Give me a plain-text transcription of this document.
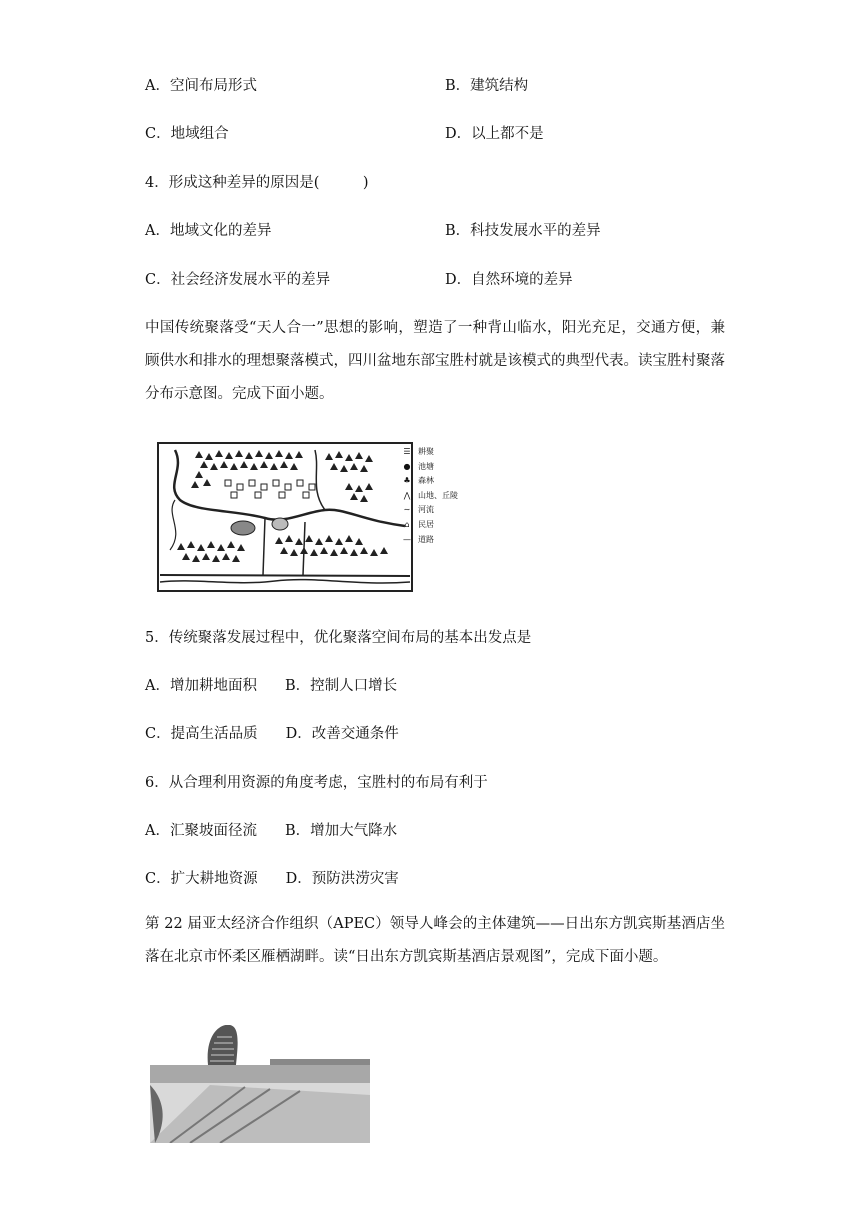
A．空间布局形式	B．建筑结构
C．地域组合	D．以上都不是
4．形成这种差异的原因是(　　　)
A．地域文化的差异	B．科技发展水平的差异
C．社会经济发展水平的差异	D．自然环境的差异
中国传统聚落受“天人合一”思想的影响，塑造了一种背山临水，阳光充足，交通方便，兼顾供水和排水的理想聚落模式，四川盆地东部宝胜村就是该模式的典型代表。读宝胜村聚落分布示意图。完成下面小题。
☰ 耕聚
● 池塘
♣ 森林
⋀ 山地、丘陵
∼ 河流
⌂	民居
— 道路
5．传统聚落发展过程中，优化聚落空间布局的基本出发点是
A．增加耕地面积 B．控制人口增长
C．提高生活品质 D．改善交通条件
6．从合理利用资源的角度考虑，宝胜村的布局有利于
A．汇聚坡面径流 B．增加大气降水
C．扩大耕地资源 D．预防洪涝灾害
第 22 届亚太经济合作组织（APEC）领导人峰会的主体建筑——日出东方凯宾斯基酒店坐落在北京市怀柔区雁栖湖畔。读“日出东方凯宾斯基酒店景观图”，完成下面小题。
